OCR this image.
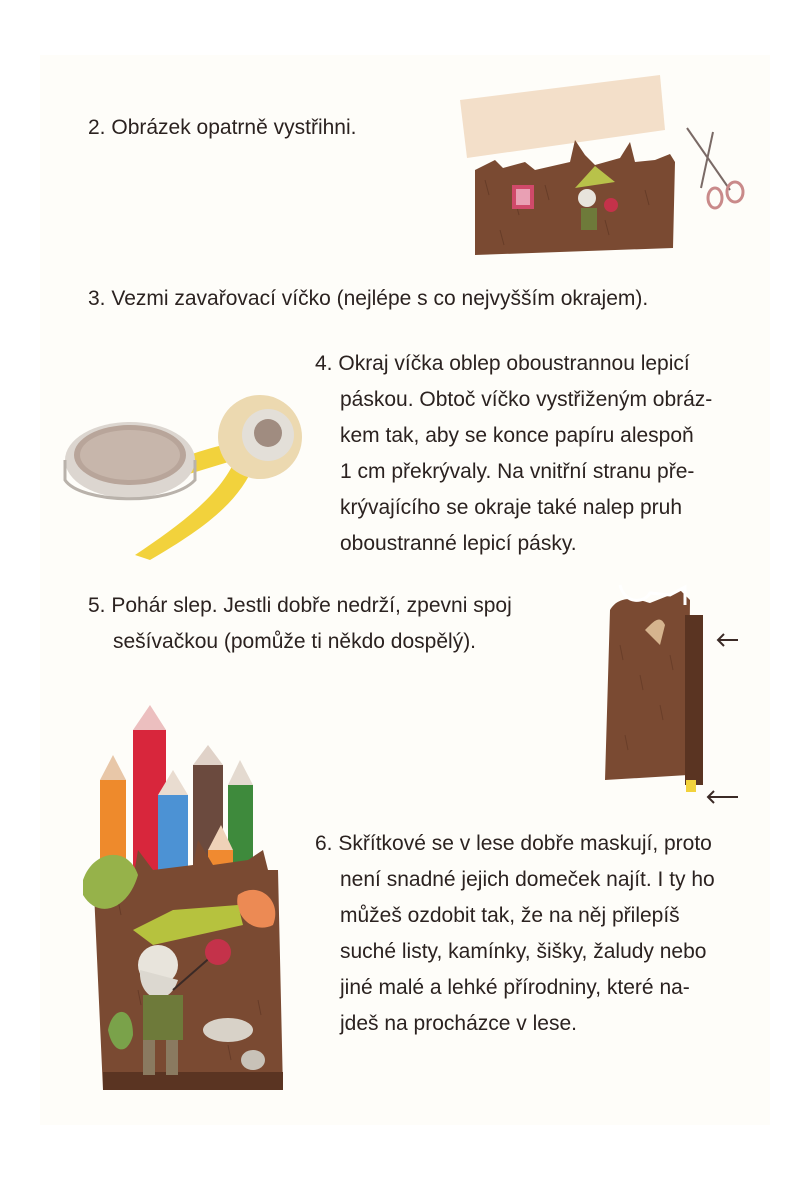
2. Obrázek opatrně vystřihni.

3. Vezmi zavařovací víčko (nejlépe s co nejvyšším okrajem).

4. Okraj víčka oblep oboustrannou lepicí

páskou. Obtoč víčko vystřiženým obráz-

kem tak, aby se konce papíru alespoň

1 cm překrývaly. Na vnitřní stranu pře-

krývajícího se okraje také nalep pruh

oboustranné lepicí pásky.

5. Pohár slep. Jestli dobře nedrží, zpevni spoj

sešívačkou (pomůže ti někdo dospělý).

6. Skřítkové se v lese dobře maskují, proto

není snadné jejich domeček najít. I ty ho

můžeš ozdobit tak, že na něj přilepíš

suché listy, kamínky, šišky, žaludy nebo

jiné malé a lehké přírodniny, které na-

jdeš na procházce v lese.
